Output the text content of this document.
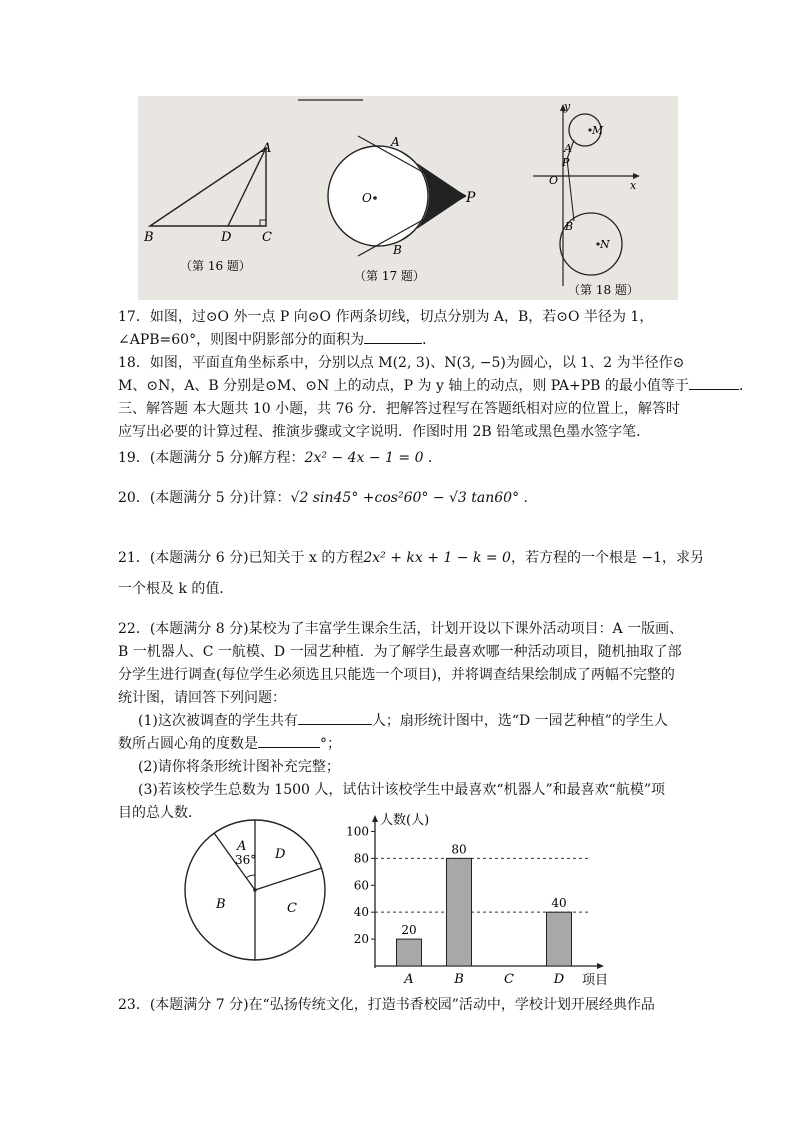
A
B	D C
（第 16 题）
A
B
O	P
（第 17 题）
y
x
O
M
N
A
P
B
（第 18 题）
17．如图，过⊙O 外一点 P 向⊙O 作两条切线，切点分别为 A，B，若⊙O 半径为 1，
∠APB=60°，则图中阴影部分的面积为	．
18．如图，平面直角坐标系中，分别以点 M(2, 3)、N(3, −5)为圆心，以 1、2 为半径作⊙
M、⊙N，A、B 分别是⊙M、⊙N 上的动点，P 为 y 轴上的动点，则 PA+PB 的最小值等于	．
三、解答题 本大题共 10 小题，共 76 分．把解答过程写在答题纸相对应的位置上，解答时
应写出必要的计算过程、推演步骤或文字说明．作图时用 2B 铅笔或黑色墨水签字笔．
19．(本题满分 5 分)解方程：2x² − 4x − 1 = 0 .
20．(本题满分 5 分)计算：√2 sin45° +cos²60° − √3 tan60° .
21．(本题满分 6 分)已知关于 x 的方程2x² + kx + 1 − k = 0，若方程的一个根是 −1，求另
一个根及 k 的值．
22．(本题满分 8 分)某校为了丰富学生课余生活，计划开设以下课外活动项目：A 一版画、
B 一机器人、C 一航模、D 一园艺种植．为了解学生最喜欢哪一种活动项目，随机抽取了部
分学生进行调查(每位学生必须选且只能选一个项目)，并将调查结果绘制成了两幅不完整的
统计图，请回答下列问题：
(1)这次被调查的学生共有	人；扇形统计图中，选“D 一园艺种植”的学生人
数所占圆心角的度数是	°；
(2)请你将条形统计图补充完整；
(3)若该校学生总数为 1500 人，试估计该校学生中最喜欢“机器人”和最喜欢“航模”项
目的总人数．
A
36°
B	C
D
人数(人)
项目
20
40
60
80
100
20
A
80
B	C
40
D
23．(本题满分 7 分)在“弘扬传统文化，打造书香校园”活动中，学校计划开展经典作品
